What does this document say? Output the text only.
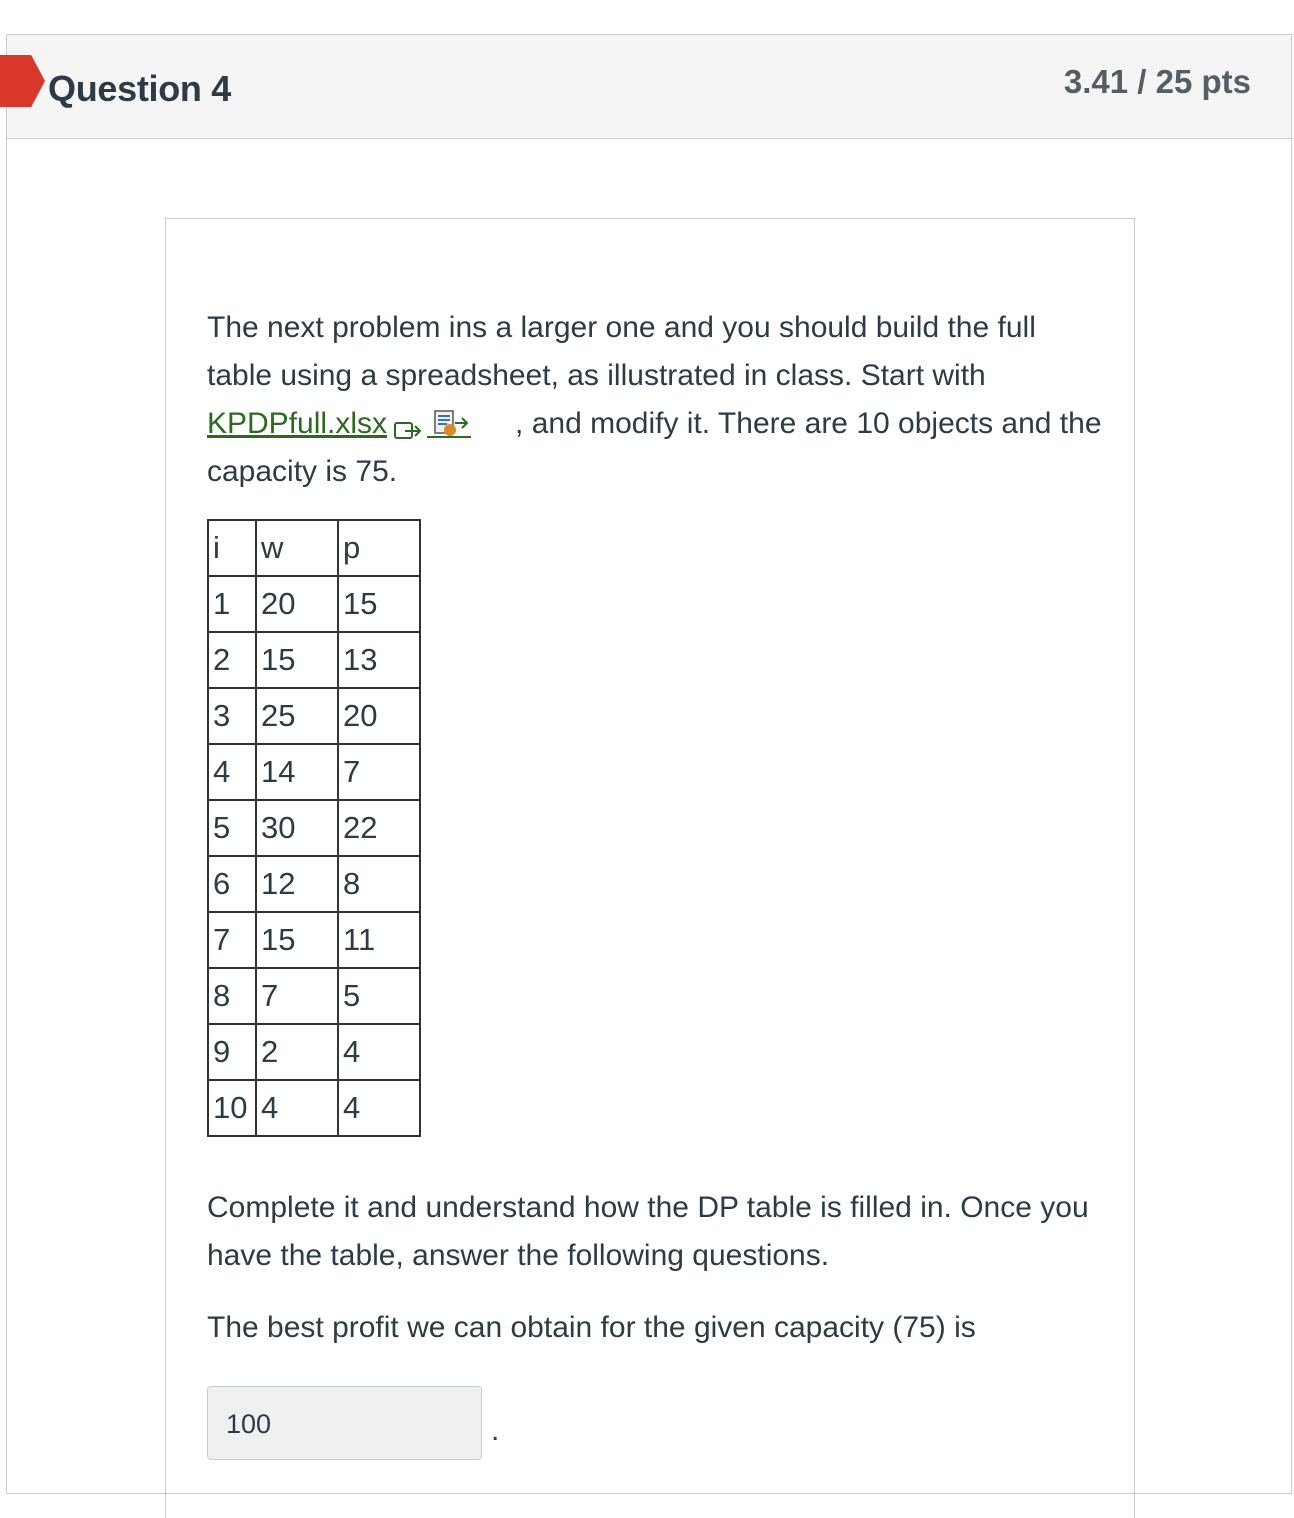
Question 4	3.41 / 25 pts
The next problem ins a larger one and you should build the full table using a spreadsheet, as illustrated in class. Start with KPDPfull.xlsx	, and modify it. There are 10 objects and the capacity is 75.
i	w	p
1	20	15
2	15	13
3	25	20
4	14	7
5	30	22
6	12	8
7	15	11
8	7	5
9	2	4
10	4	4
Complete it and understand how the DP table is filled in. Once you have the table, answer the following questions.
The best profit we can obtain for the given capacity (75) is
100	.
